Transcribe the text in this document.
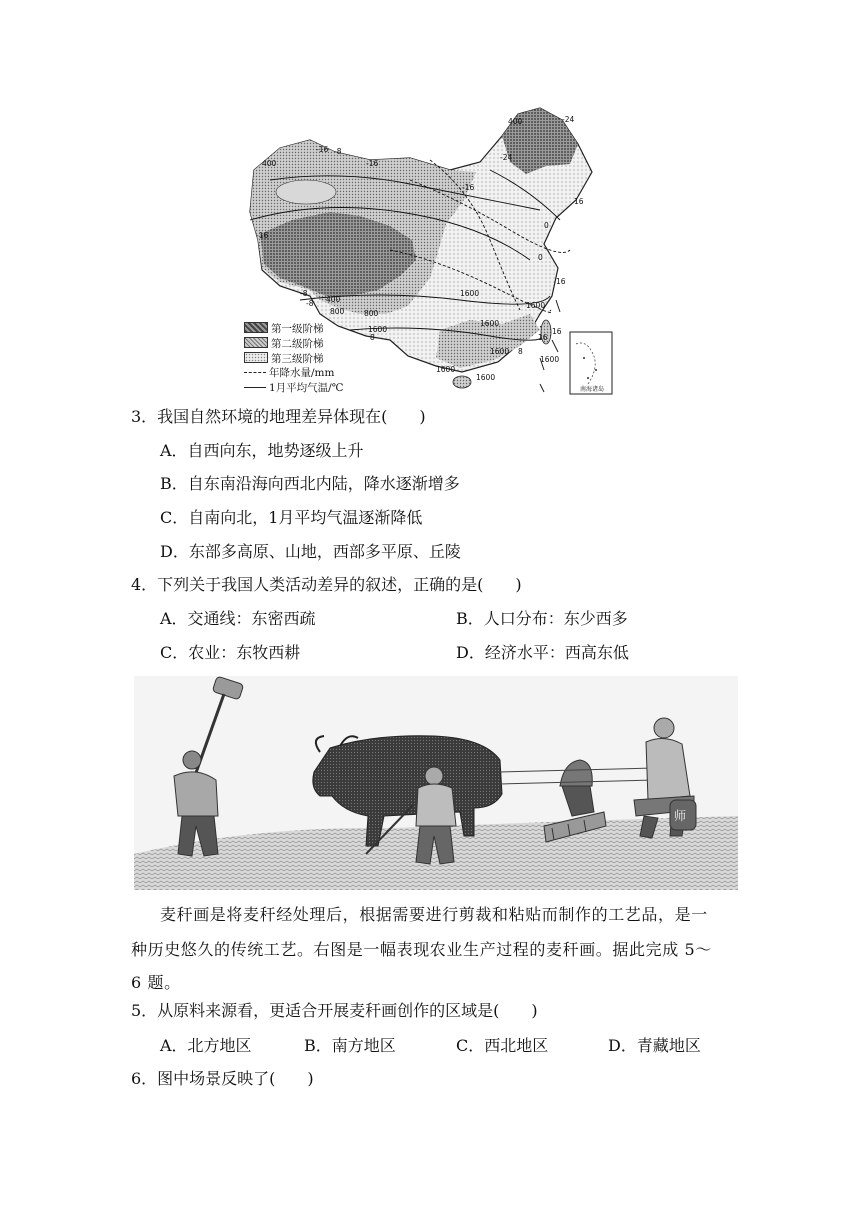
南海诸岛
400	-24
-16 -8
-24
-16
400
-16
-16
-8
0
400
800
8
1600
1600
16
1600
1600
1600
1600
1600
16
1600 8
0
16
-8
16
800
第一级阶梯
第二级阶梯
第三级阶梯
年降水量/mm
1月平均气温/℃
3．我国自然环境的地理差异体现在(　　)
A．自西向东，地势逐级上升
B．自东南沿海向西北内陆，降水逐渐增多
C．自南向北，1月平均气温逐渐降低
D．东部多高原、山地，西部多平原、丘陵
4．下列关于我国人类活动差异的叙述，正确的是(　　)
A．交通线：东密西疏	B．人口分布：东少西多
C．农业：东牧西耕	D．经济水平：西高东低
师
麦秆画是将麦秆经处理后，根据需要进行剪裁和粘贴而制作的工艺品，是一
种历史悠久的传统工艺。右图是一幅表现农业生产过程的麦秆画。据此完成 5～
6 题。
5．从原料来源看，更适合开展麦秆画创作的区域是(　　)
A．北方地区	B．南方地区	C．西北地区	D．青藏地区
6．图中场景反映了(　　)
